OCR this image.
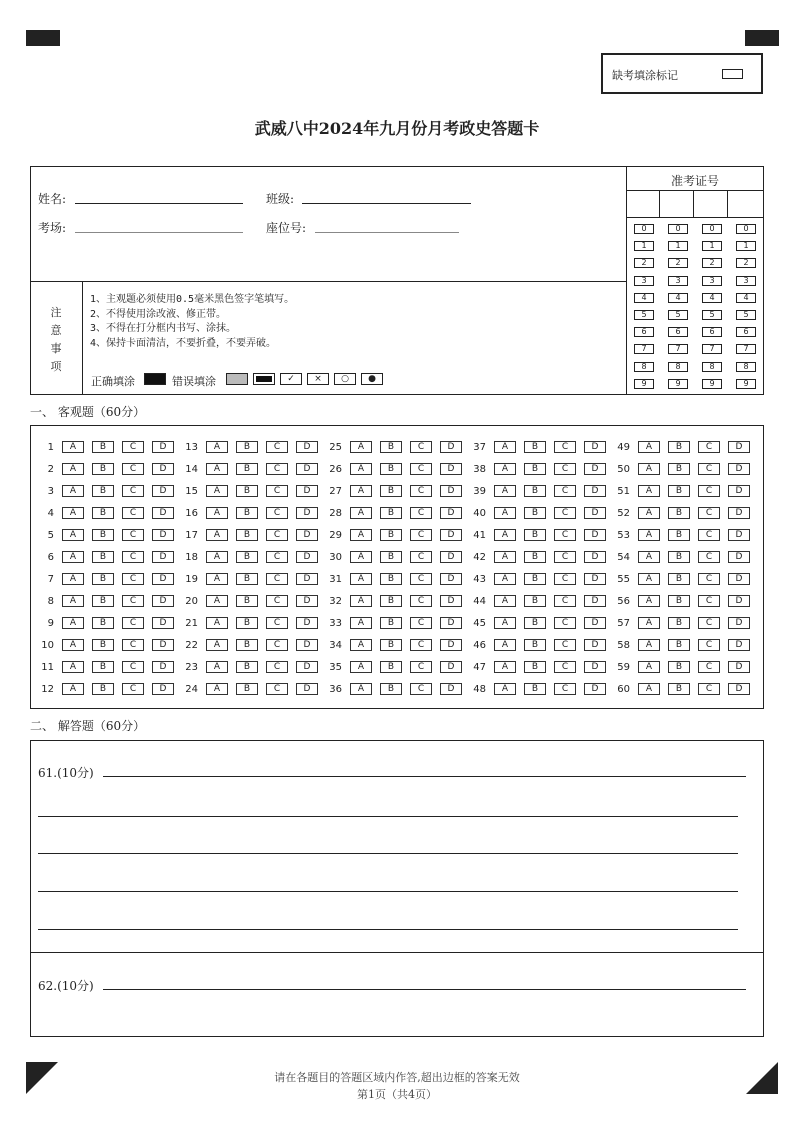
缺考填涂标记
武威八中2024年九月份月考政史答题卡
姓名:	班级:
考场:	座位号:
准考证号
0	0	0	0
1	1	1	1
2	2	2	2
3	3	3	3
4	4	4	4
5	5	5	5
6	6	6	6
7	7	7	7
8	8	8	8
9	9	9	9
注
意
事
项
1、主观题必须使用0.5毫米黑色签字笔填写。
2、不得使用涂改液、修正带。
3、不得在打分框内书写、涂抹。
4、保持卡面清洁，不要折叠，不要弄破。
正确填涂	错误填涂	✓	×	○	●
一、 客观题（60分）
1	A	B	C	D
2	A	B	C	D
3	A	B	C	D
4	A	B	C	D
5	A	B	C	D
6	A	B	C	D
7	A	B	C	D
8	A	B	C	D
9	A	B	C	D
10	A	B	C	D
11	A	B	C	D
12	A	B	C	D
13	A	B	C	D
14	A	B	C	D
15	A	B	C	D
16	A	B	C	D
17	A	B	C	D
18	A	B	C	D
19	A	B	C	D
20	A	B	C	D
21	A	B	C	D
22	A	B	C	D
23	A	B	C	D
24	A	B	C	D
25	A	B	C	D
26	A	B	C	D
27	A	B	C	D
28	A	B	C	D
29	A	B	C	D
30	A	B	C	D
31	A	B	C	D
32	A	B	C	D
33	A	B	C	D
34	A	B	C	D
35	A	B	C	D
36	A	B	C	D
37	A	B	C	D
38	A	B	C	D
39	A	B	C	D
40	A	B	C	D
41	A	B	C	D
42	A	B	C	D
43	A	B	C	D
44	A	B	C	D
45	A	B	C	D
46	A	B	C	D
47	A	B	C	D
48	A	B	C	D
49	A	B	C	D
50	A	B	C	D
51	A	B	C	D
52	A	B	C	D
53	A	B	C	D
54	A	B	C	D
55	A	B	C	D
56	A	B	C	D
57	A	B	C	D
58	A	B	C	D
59	A	B	C	D
60	A	B	C	D
二、 解答题（60分）
61.(10分)
62.(10分)
请在各题目的答题区域内作答,超出边框的答案无效
第1页（共4页）
